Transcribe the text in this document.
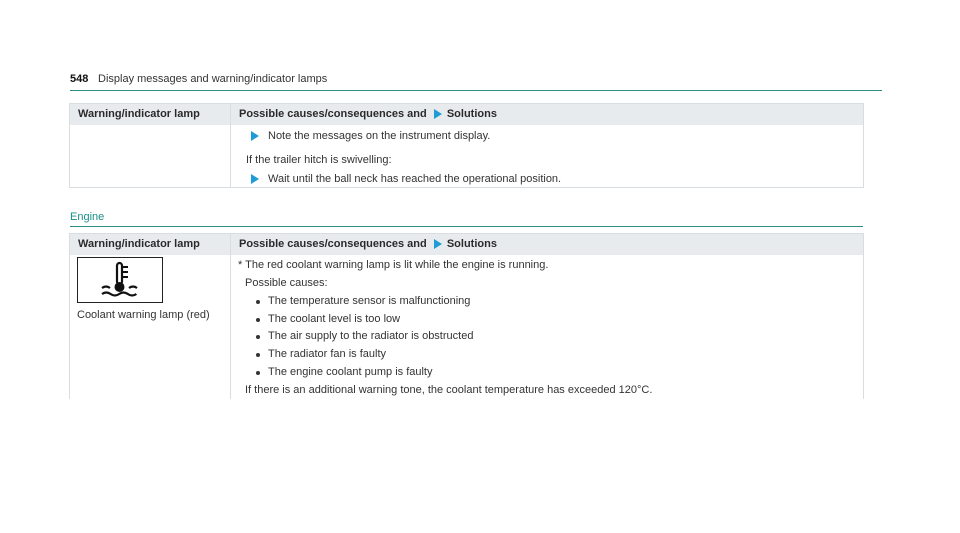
548 Display messages and warning/indicator lamps
Warning/indicator lamp	Possible causes/consequences and Solutions
Note the messages on the instrument display.
If the trailer hitch is swivelling:
Wait until the ball neck has reached the operational position.
Engine
Warning/indicator lamp	Possible causes/consequences and Solutions
Coolant warning lamp (red)
* The red coolant warning lamp is lit while the engine is running.
Possible causes:
The temperature sensor is malfunctioning
The coolant level is too low
The air supply to the radiator is obstructed
The radiator fan is faulty
The engine coolant pump is faulty
If there is an additional warning tone, the coolant temperature has exceeded 120°C.
